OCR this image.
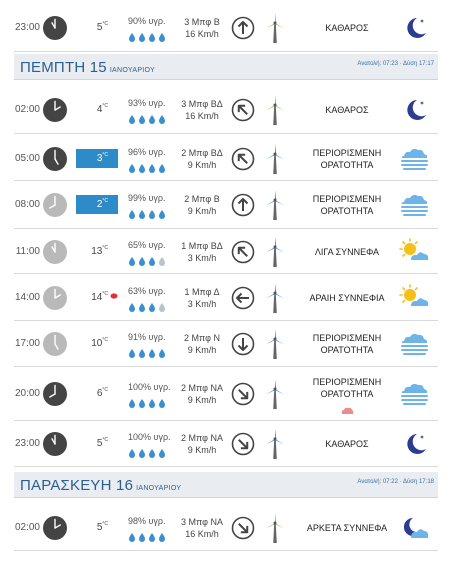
ΠΕΜΠΤΗ 15 ΙΑΝΟΥΑΡΙΟΥ
Ανατολή: 07:23 · Δύση 17:17
ΠΑΡΑΣΚΕΥΗ 16 ΙΑΝΟΥΑΡΙΟΥ
Ανατολή: 07:22 · Δύση 17:18
23:00	$5^{^\circ C}$	90% υγρ.	3 Μπφ Β
16 Km/h
ΚΑΘΑΡΟΣ
02:00	$4^{^\circ C}$	93% υγρ.	3 Μπφ ΒΔ
16 Km/h
ΚΑΘΑΡΟΣ
05:00	$3^{^\circ C}$	96% υγρ.	2 Μπφ ΒΔ
9 Km/h
ΠΕΡΙΟΡΙΣΜΕΝΗ ΟΡΑΤΟΤΗΤΑ
08:00	$2^{^\circ C}$	99% υγρ.	2 Μπφ Β
9 Km/h
ΠΕΡΙΟΡΙΣΜΕΝΗ ΟΡΑΤΟΤΗΤΑ
11:00	$13^{^\circ C}$	65% υγρ.	1 Μπφ ΒΔ
3 Km/h
ΛΙΓΑ ΣΥΝΝΕΦΑ
14:00	$14^{^\circ C}$	63% υγρ.	1 Μπφ Δ
3 Km/h
ΑΡΑΙΗ ΣΥΝΝΕΦΙΑ
17:00	$10^{^\circ C}$	91% υγρ.	2 Μπφ Ν
9 Km/h
ΠΕΡΙΟΡΙΣΜΕΝΗ ΟΡΑΤΟΤΗΤΑ
20:00	$6^{^\circ C}$	100% υγρ.	2 Μπφ ΝΑ
9 Km/h
ΠΕΡΙΟΡΙΣΜΕΝΗ ΟΡΑΤΟΤΗΤΑ
23:00	$5^{^\circ C}$	100% υγρ.	2 Μπφ ΝΑ
9 Km/h
ΚΑΘΑΡΟΣ
02:00	$5^{^\circ C}$	98% υγρ.	3 Μπφ ΝΑ
16 Km/h
ΑΡΚΕΤΑ ΣΥΝΝΕΦΑ
